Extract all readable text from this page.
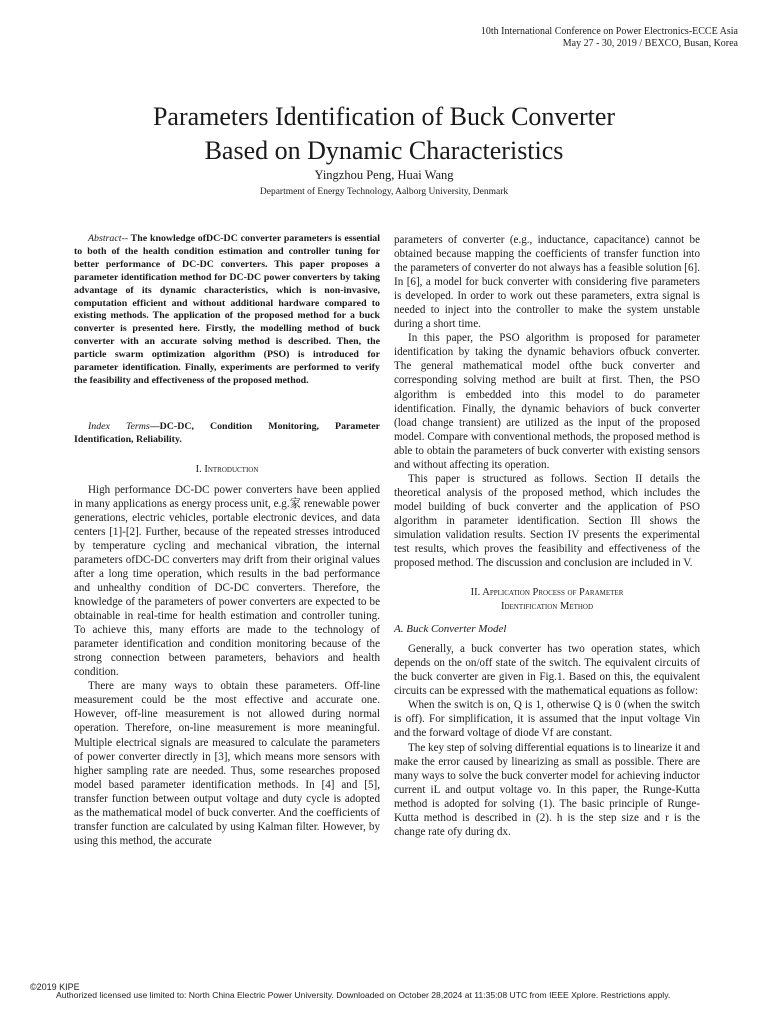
10th International Conference on Power Electronics-ECCE Asia
May 27 - 30, 2019 / BEXCO, Busan, Korea
Parameters Identification of Buck Converter
Based on Dynamic Characteristics
Yingzhou Peng, Huai Wang
Department of Energy Technology, Aalborg University, Denmark

Abstract-- The knowledge ofDC-DC converter parameters is essential to both of the health condition estimation and controller tuning for better performance of DC-DC converters. This paper proposes a parameter identification method for DC-DC power converters by taking advantage of its dynamic characteristics, which is non-invasive, computation efficient and without additional hardware compared to existing methods. The application of the proposed method for a buck converter is presented here. Firstly, the modelling method of buck converter with an accurate solving method is described. Then, the particle swarm optimization algorithm (PSO) is introduced for parameter identification. Finally, experiments are performed to verify the feasibility and effectiveness of the proposed method.

Index Terms—DC-DC, Condition Monitoring, Parameter Identification, Reliability.

I. Introduction

High performance DC-DC power converters have been applied in many applications as energy process unit, e.g.家 renewable power generations, electric vehicles, portable electronic devices, and data centers [1]-[2]. Further, because of the repeated stresses introduced by temperature cycling and mechanical vibration, the internal parameters ofDC-DC converters may drift from their original values after a long time operation, which results in the bad performance and unhealthy condition of DC-DC converters. Therefore, the knowledge of the parameters of power converters are expected to be obtainable in real-time for health estimation and controller tuning. To achieve this, many efforts are made to the technology of parameter identification and condition monitoring because of the strong connection between parameters, behaviors and health condition.

There are many ways to obtain these parameters. Off-line measurement could be the most effective and accurate one. However, off-line measurement is not allowed during normal operation. Therefore, on-line measurement is more meaningful. Multiple electrical signals are measured to calculate the parameters of power converter directly in [3], which means more sensors with higher sampling rate are needed. Thus, some researches proposed model based parameter identification methods. In [4] and [5], transfer function between output voltage and duty cycle is adopted as the mathematical model of buck converter. And the coefficients of transfer function are calculated by using Kalman filter. However, by using this method, the accurate

parameters of converter (e.g., inductance, capacitance) cannot be obtained because mapping the coefficients of transfer function into the parameters of converter do not always has a feasible solution [6]. In [6], a model for buck converter with considering five parameters is developed. In order to work out these parameters, extra signal is needed to inject into the controller to make the system unstable during a short time.

In this paper, the PSO algorithm is proposed for parameter identification by taking the dynamic behaviors ofbuck converter. The general mathematical model ofthe buck converter and corresponding solving method are built at first. Then, the PSO algorithm is embedded into this model to do parameter identification. Finally, the dynamic behaviors of buck converter (load change transient) are utilized as the input of the proposed model. Compare with conventional methods, the proposed method is able to obtain the parameters of buck converter with existing sensors and without affecting its operation.

This paper is structured as follows. Section II details the theoretical analysis of the proposed method, which includes the model building of buck converter and the application of PSO algorithm in parameter identification. Section Ill shows the simulation validation results. Section IV presents the experimental test results, which proves the feasibility and effectiveness of the proposed method. The discussion and conclusion are included in V.

II. Application Process of Parameter
Identification Method

A. Buck Converter Model

Generally, a buck converter has two operation states, which depends on the on/off state of the switch. The equivalent circuits of the buck converter are given in Fig.1. Based on this, the equivalent circuits can be expressed with the mathematical equations as follow:

When the switch is on, Q is 1, otherwise Q is 0 (when the switch is off). For simplification, it is assumed that the input voltage Vin and the forward voltage of diode Vf are constant.

The key step of solving differential equations is to linearize it and make the error caused by linearizing as small as possible. There are many ways to solve the buck converter model for achieving inductor current iL and output voltage vo. In this paper, the Runge-Kutta method is adopted for solving (1). The basic principle of Runge-Kutta method is described in (2). h is the step size and r is the change rate ofy during dx.

©2019 KIPE
Authorized licensed use limited to: North China Electric Power University. Downloaded on October 28,2024 at 11:35:08 UTC from IEEE Xplore. Restrictions apply.
